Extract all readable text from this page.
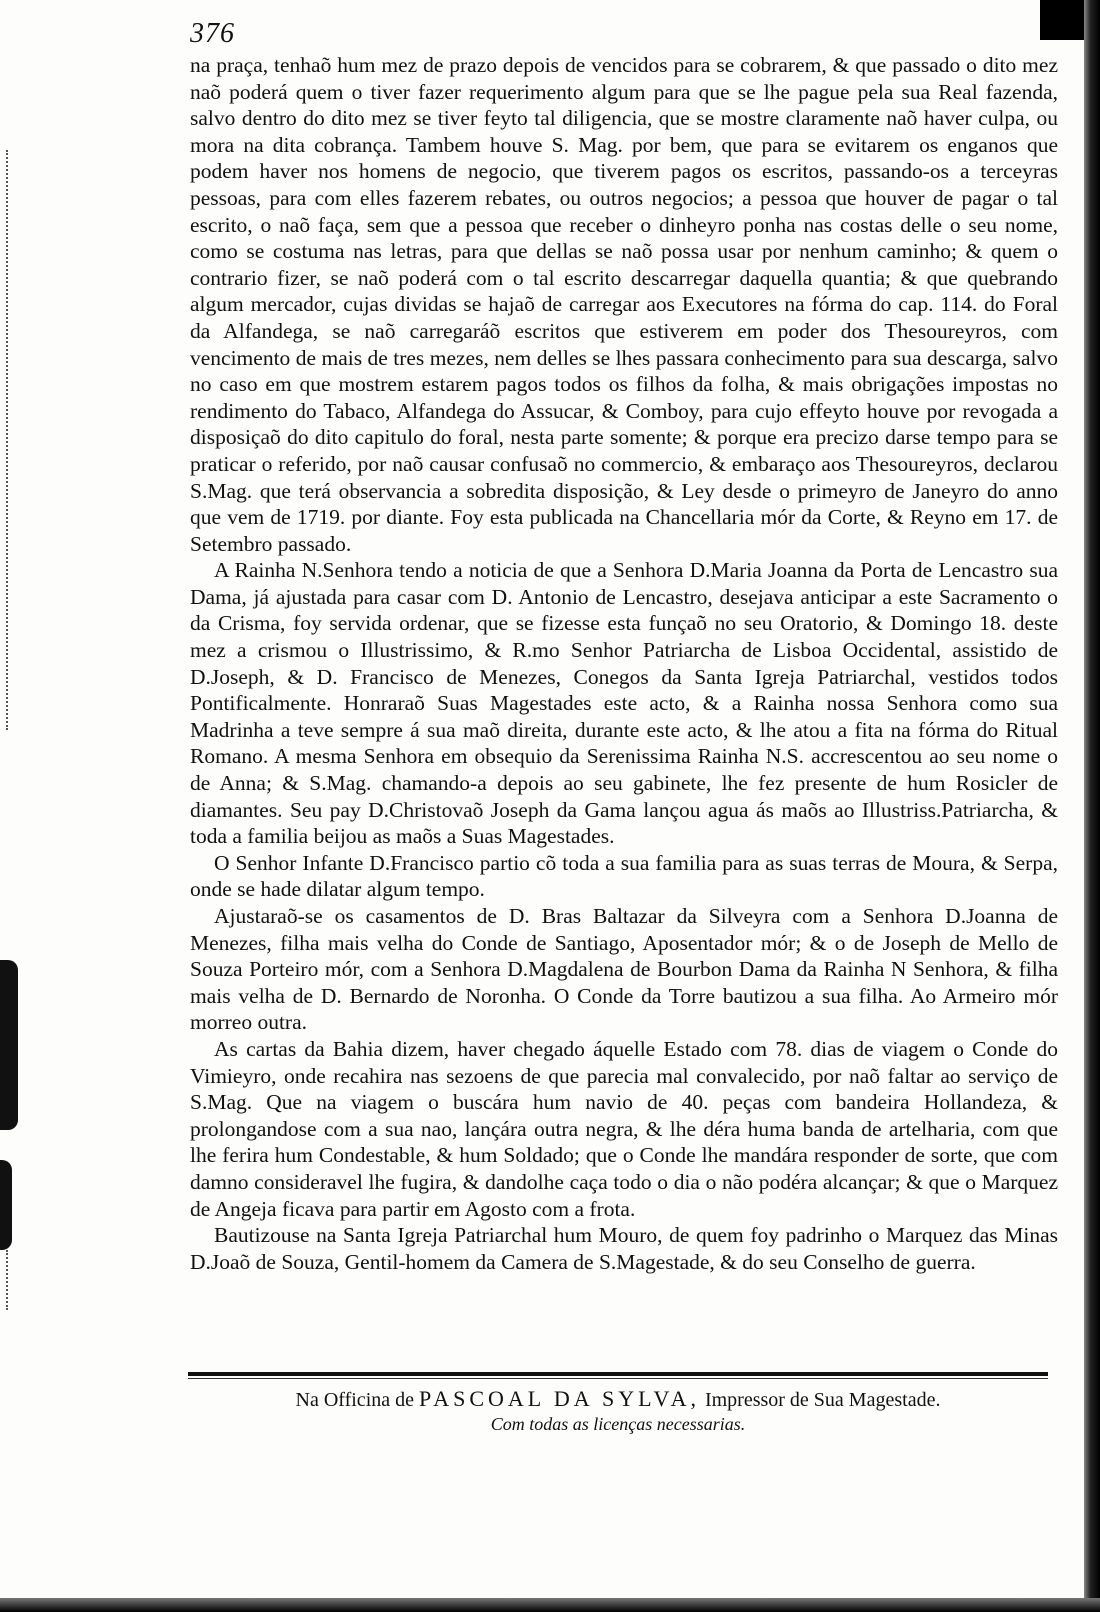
376

na praça, tenhaõ hum mez de prazo depois de vencidos para se cobrarem, & que passado o dito mez naõ poderá quem o tiver fazer requerimento algum para que se lhe pague pela sua Real fazenda, salvo dentro do dito mez se tiver feyto tal diligencia, que se mostre claramente naõ haver culpa, ou mora na dita cobrança. Tambem houve S. Mag. por bem, que para se evitarem os enganos que podem haver nos homens de negocio, que tiverem pagos os escritos, passando-os a terceyras pessoas, para com elles fazerem rebates, ou outros negocios; a pessoa que houver de pagar o tal escrito, o naõ faça, sem que a pessoa que receber o dinheyro ponha nas costas delle o seu nome, como se costuma nas letras, para que dellas se naõ possa usar por nenhum caminho; & quem o contrario fizer, se naõ poderá com o tal escrito descarregar daquella quantia; & que quebrando algum mercador, cujas dividas se hajaõ de carregar aos Executores na fórma do cap. 114. do Foral da Alfandega, se naõ carregaráõ escritos que estiverem em poder dos Thesoureyros, com vencimento de mais de tres mezes, nem delles se lhes passara conhecimento para sua descarga, salvo no caso em que mostrem estarem pagos todos os filhos da folha, & mais obrigações impostas no rendimento do Tabaco, Alfandega do Assucar, & Comboy, para cujo effeyto houve por revogada a disposiçaõ do dito capitulo do foral, nesta parte somente; & porque era precizo darse tempo para se praticar o referido, por naõ causar confusaõ no commercio, & embaraço aos Thesoureyros, declarou S.Mag. que terá observancia a sobredita disposição, & Ley desde o primeyro de Janeyro do anno que vem de 1719. por diante. Foy esta publicada na Chancellaria mór da Corte, & Reyno em 17. de Setembro passado.

A Rainha N.Senhora tendo a noticia de que a Senhora D.Maria Joanna da Porta de Lencastro sua Dama, já ajustada para casar com D. Antonio de Lencastro, desejava anticipar a este Sacramento o da Crisma, foy servida ordenar, que se fizesse esta funçaõ no seu Oratorio, & Domingo 18. deste mez a crismou o Illustrissimo, & R.mo Senhor Patriarcha de Lisboa Occidental, assistido de D.Joseph, & D. Francisco de Menezes, Conegos da Santa Igreja Patriarchal, vestidos todos Pontificalmente. Honraraõ Suas Magestades este acto, & a Rainha nossa Senhora como sua Madrinha a teve sempre á sua maõ direita, durante este acto, & lhe atou a fita na fórma do Ritual Romano. A mesma Senhora em obsequio da Serenissima Rainha N.S. accrescentou ao seu nome o de Anna; & S.Mag. chamando-a depois ao seu gabinete, lhe fez presente de hum Rosicler de diamantes. Seu pay D.Christovaõ Joseph da Gama lançou agua ás maõs ao Illustriss.Patriarcha, & toda a familia beijou as maõs a Suas Magestades.

O Senhor Infante D.Francisco partio cõ toda a sua familia para as suas terras de Moura, & Serpa, onde se hade dilatar algum tempo.

Ajustaraõ-se os casamentos de D. Bras Baltazar da Silveyra com a Senhora D.Joanna de Menezes, filha mais velha do Conde de Santiago, Aposentador mór; & o de Joseph de Mello de Souza Porteiro mór, com a Senhora D.Magdalena de Bourbon Dama da Rainha N Senhora, & filha mais velha de D. Bernardo de Noronha. O Conde da Torre bautizou a sua filha. Ao Armeiro mór morreo outra.

As cartas da Bahia dizem, haver chegado áquelle Estado com 78. dias de viagem o Conde do Vimieyro, onde recahira nas sezoens de que parecia mal convalecido, por naõ faltar ao serviço de S.Mag. Que na viagem o buscára hum navio de 40. peças com bandeira Hollandeza, & prolongandose com a sua nao, lançára outra negra, & lhe déra huma banda de artelharia, com que lhe ferira hum Condestable, & hum Soldado; que o Conde lhe mandára responder de sorte, que com damno consideravel lhe fugira, & dandolhe caça todo o dia o não podéra alcançar; & que o Marquez de Angeja ficava para partir em Agosto com a frota.

Bautizouse na Santa Igreja Patriarchal hum Mouro, de quem foy padrinho o Marquez das Minas D.Joaõ de Souza, Gentil-homem da Camera de S.Magestade, & do seu Conselho de guerra.

Na Officina de PASCOAL DA SYLVA, Impressor de Sua Magestade.
Com todas as licenças necessarias.
